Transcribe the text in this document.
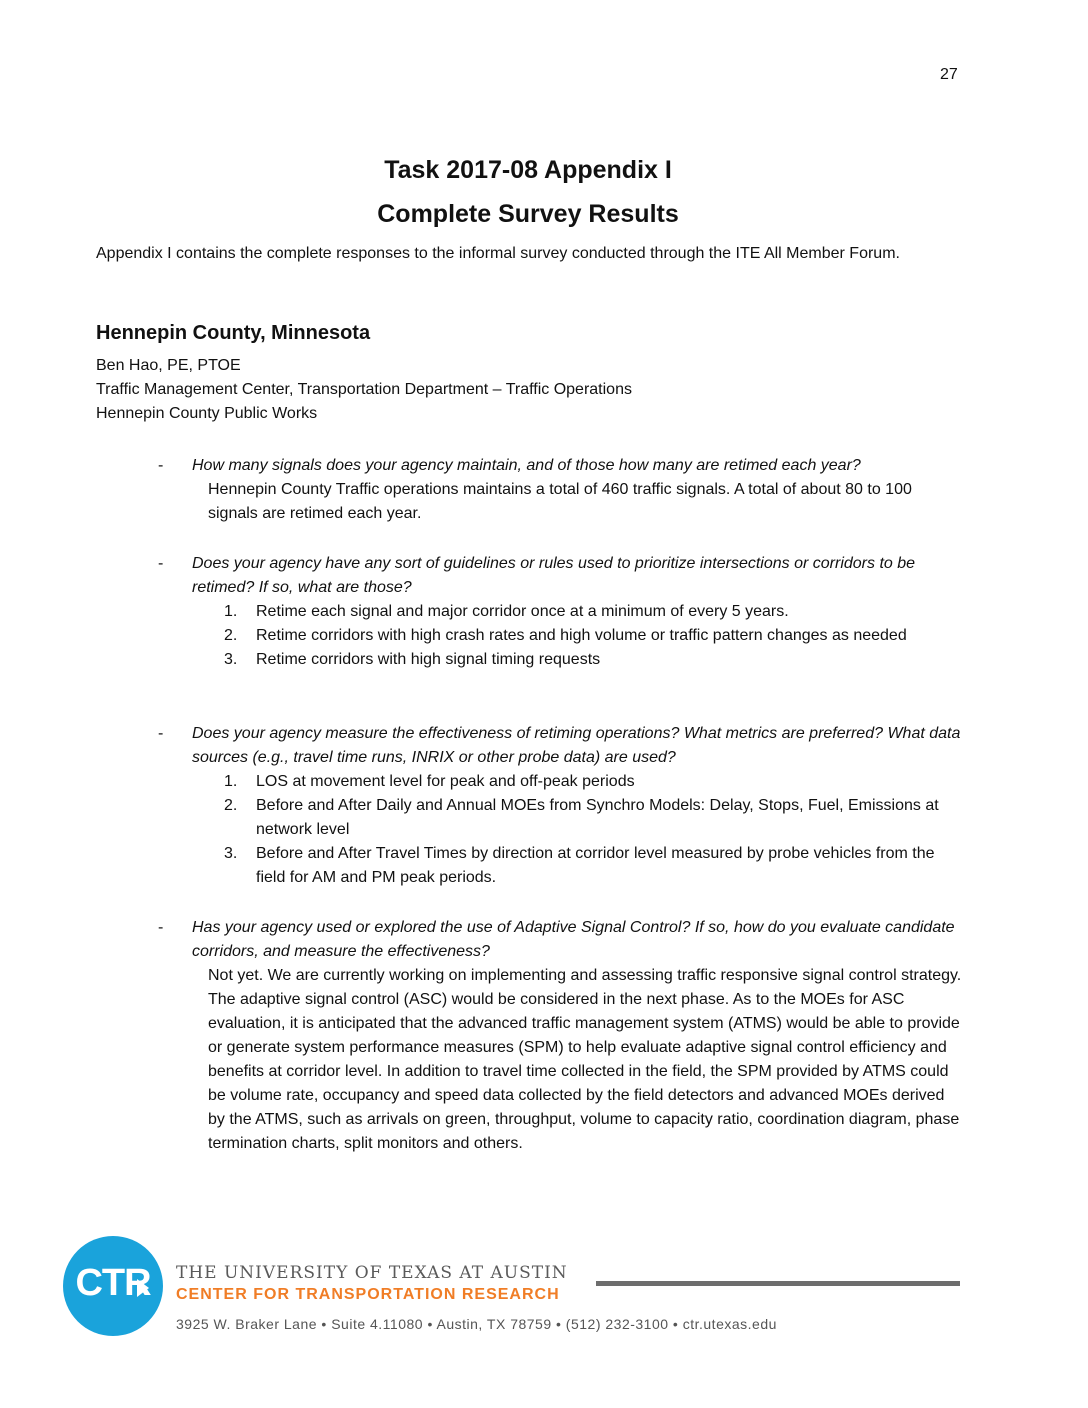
27
Task 2017-08 Appendix I
Complete Survey Results
Appendix I contains the complete responses to the informal survey conducted through the ITE All Member Forum.
Hennepin County, Minnesota
Ben Hao, PE, PTOE
Traffic Management Center, Transportation Department – Traffic Operations
Hennepin County Public Works
- How many signals does your agency maintain, and of those how many are retimed each year?
Hennepin County Traffic operations maintains a total of 460 traffic signals. A total of about 80 to 100 signals are retimed each year.
- Does your agency have any sort of guidelines or rules used to prioritize intersections or corridors to be retimed? If so, what are those?
1. Retime each signal and major corridor once at a minimum of every 5 years.
2. Retime corridors with high crash rates and high volume or traffic pattern changes as needed
3. Retime corridors with high signal timing requests
- Does your agency measure the effectiveness of retiming operations? What metrics are preferred? What data sources (e.g., travel time runs, INRIX or other probe data) are used?
1. LOS at movement level for peak and off-peak periods
2. Before and After Daily and Annual MOEs from Synchro Models: Delay, Stops, Fuel, Emissions at network level
3. Before and After Travel Times by direction at corridor level measured by probe vehicles from the field for AM and PM peak periods.
- Has your agency used or explored the use of Adaptive Signal Control? If so, how do you evaluate candidate corridors, and measure the effectiveness?
Not yet. We are currently working on implementing and assessing traffic responsive signal control strategy. The adaptive signal control (ASC) would be considered in the next phase. As to the MOEs for ASC evaluation, it is anticipated that the advanced traffic management system (ATMS) would be able to provide or generate system performance measures (SPM) to help evaluate adaptive signal control efficiency and benefits at corridor level. In addition to travel time collected in the field, the SPM provided by ATMS could be volume rate, occupancy and speed data collected by the field detectors and advanced MOEs derived by the ATMS, such as arrivals on green, throughput, volume to capacity ratio, coordination diagram, phase termination charts, split monitors and others.
CTR	THE UNIVERSITY OF TEXAS AT AUSTIN
CENTER FOR TRANSPORTATION RESEARCH
3925 W. Braker Lane • Suite 4.11080 • Austin, TX 78759 • (512) 232-3100 • ctr.utexas.edu
